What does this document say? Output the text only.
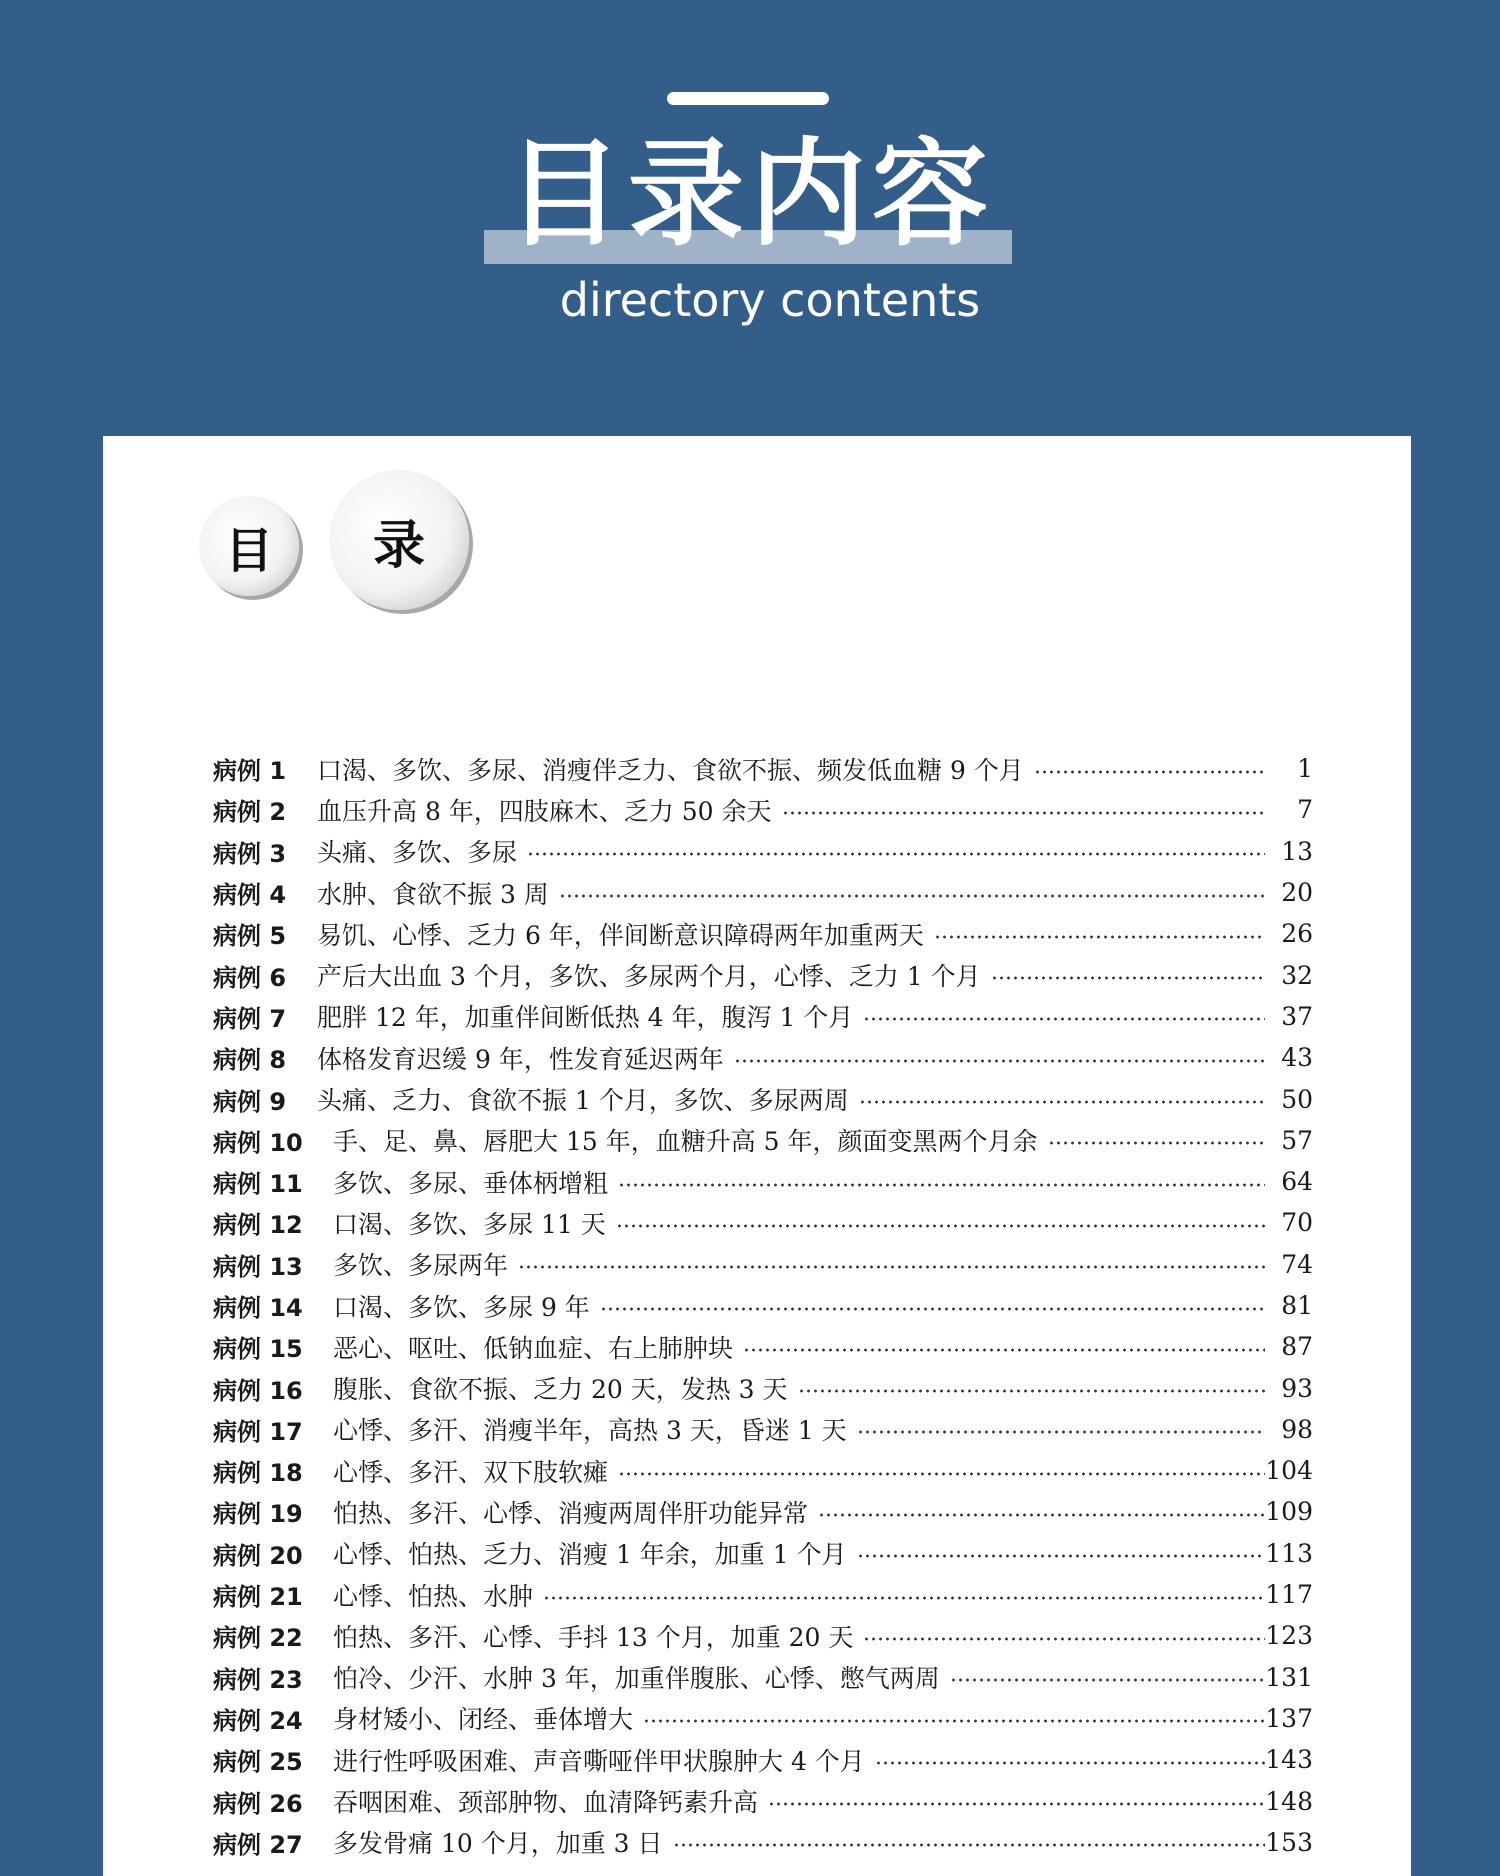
目录内容
directory contents
目	录
病例 1	口渴、多饮、多尿、消瘦伴乏力、食欲不振、频发低血糖 9 个月	1
病例 2	血压升高 8 年，四肢麻木、乏力 50 余天	7
病例 3	头痛、多饮、多尿	13
病例 4	水肿、食欲不振 3 周	20
病例 5	易饥、心悸、乏力 6 年，伴间断意识障碍两年加重两天	26
病例 6	产后大出血 3 个月，多饮、多尿两个月，心悸、乏力 1 个月	32
病例 7	肥胖 12 年，加重伴间断低热 4 年，腹泻 1 个月	37
病例 8	体格发育迟缓 9 年，性发育延迟两年	43
病例 9	头痛、乏力、食欲不振 1 个月，多饮、多尿两周	50
病例 10	手、足、鼻、唇肥大 15 年，血糖升高 5 年，颜面变黑两个月余	57
病例 11	多饮、多尿、垂体柄增粗	64
病例 12	口渴、多饮、多尿 11 天	70
病例 13	多饮、多尿两年	74
病例 14	口渴、多饮、多尿 9 年	81
病例 15	恶心、呕吐、低钠血症、右上肺肿块	87
病例 16	腹胀、食欲不振、乏力 20 天，发热 3 天	93
病例 17	心悸、多汗、消瘦半年，高热 3 天，昏迷 1 天	98
病例 18	心悸、多汗、双下肢软瘫	104
病例 19	怕热、多汗、心悸、消瘦两周伴肝功能异常	109
病例 20	心悸、怕热、乏力、消瘦 1 年余，加重 1 个月	113
病例 21	心悸、怕热、水肿	117
病例 22	怕热、多汗、心悸、手抖 13 个月，加重 20 天	123
病例 23	怕冷、少汗、水肿 3 年，加重伴腹胀、心悸、憋气两周	131
病例 24	身材矮小、闭经、垂体增大	137
病例 25	进行性呼吸困难、声音嘶哑伴甲状腺肿大 4 个月	143
病例 26	吞咽困难、颈部肿物、血清降钙素升高	148
病例 27	多发骨痛 10 个月，加重 3 日	153
